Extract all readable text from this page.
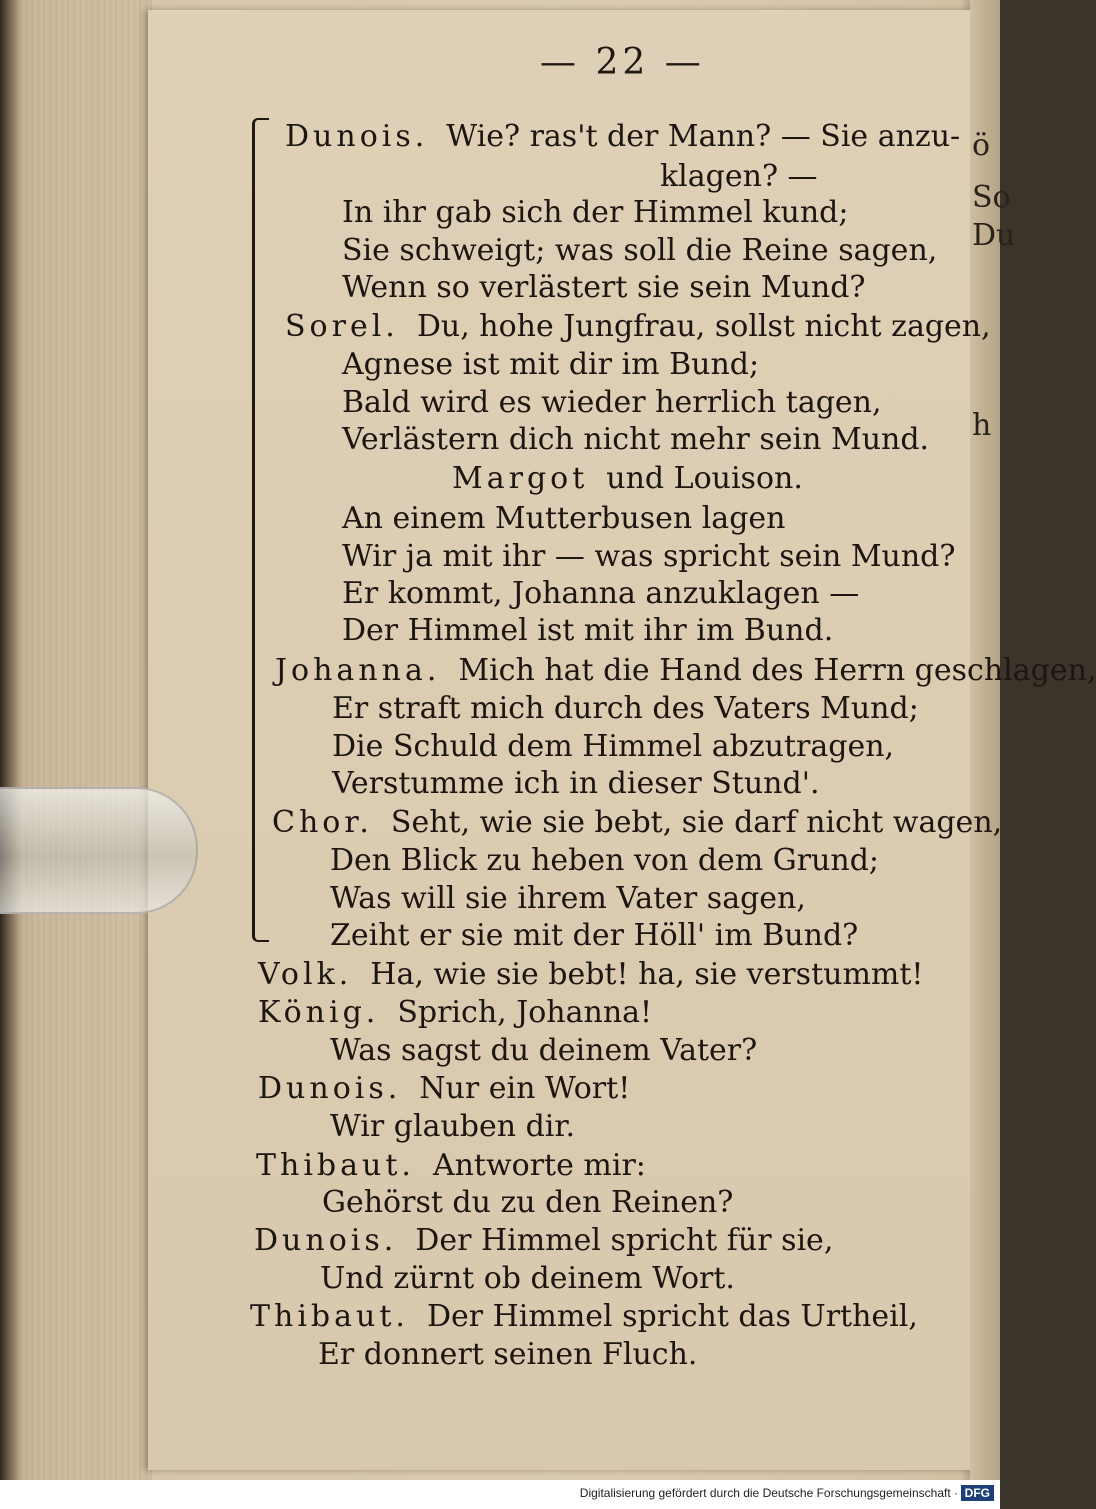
ö
So
Du
h
— 22 —
Dunois. Wie? ras't der Mann? — Sie anzu-
klagen? —
In ihr gab sich der Himmel kund;
Sie schweigt; was soll die Reine sagen,
Wenn so verlästert sie sein Mund?
Sorel. Du, hohe Jungfrau, sollst nicht zagen,
Agnese ist mit dir im Bund;
Bald wird es wieder herrlich tagen,
Verlästern dich nicht mehr sein Mund.
Margot und Louison.
An einem Mutterbusen lagen
Wir ja mit ihr — was spricht sein Mund?
Er kommt, Johanna anzuklagen —
Der Himmel ist mit ihr im Bund.
Johanna. Mich hat die Hand des Herrn geschlagen,
Er straft mich durch des Vaters Mund;
Die Schuld dem Himmel abzutragen,
Verstumme ich in dieser Stund'.
Chor. Seht, wie sie bebt, sie darf nicht wagen,
Den Blick zu heben von dem Grund;
Was will sie ihrem Vater sagen,
Zeiht er sie mit der Höll' im Bund?
Volk. Ha, wie sie bebt! ha, sie verstummt!
König. Sprich, Johanna!
Was sagst du deinem Vater?
Dunois. Nur ein Wort!
Wir glauben dir.
Thibaut. Antworte mir:
Gehörst du zu den Reinen?
Dunois. Der Himmel spricht für sie,
Und zürnt ob deinem Wort.
Thibaut. Der Himmel spricht das Urtheil,
Er donnert seinen Fluch.
Digitalisierung gefördert durch die Deutsche Forschungsgemeinschaft · DFG
